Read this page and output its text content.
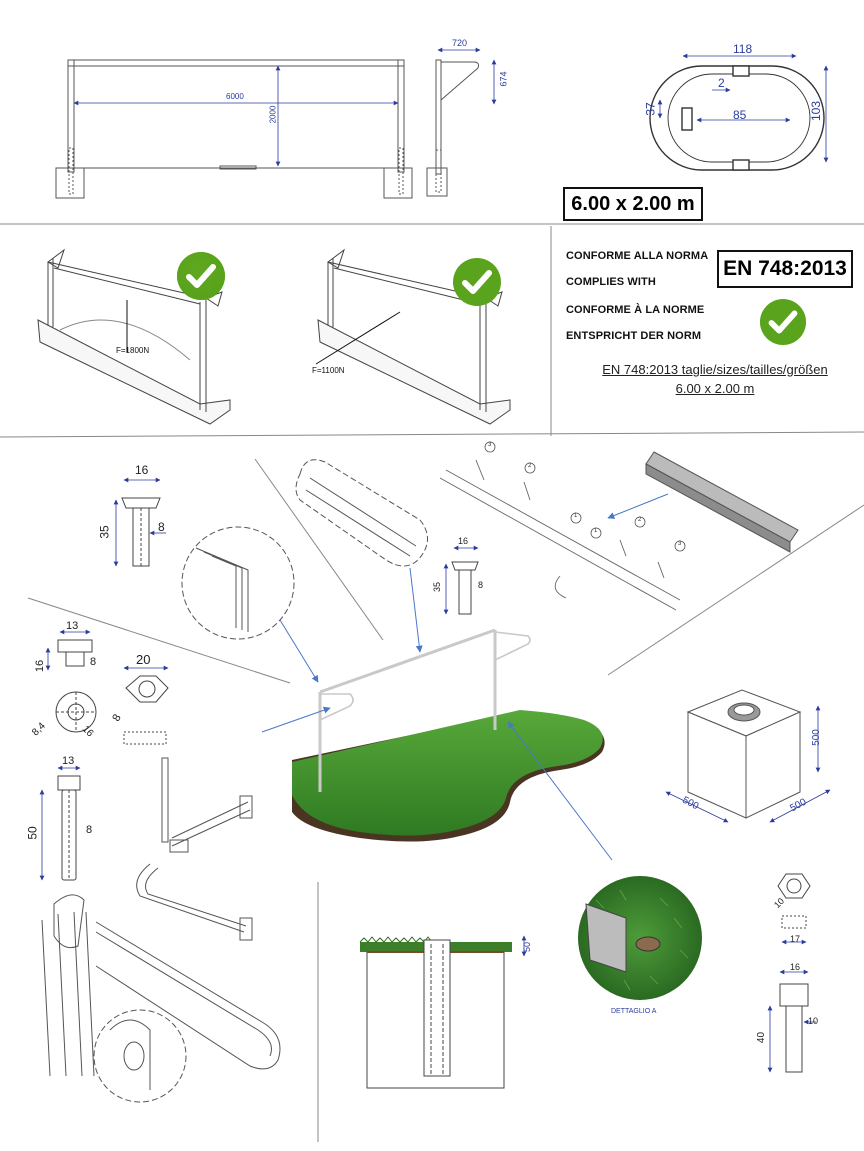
6000
2000
720
674
118
85	103
37
2
6.00 x 2.00 m
F=1800N
F=1100N
CONFORME ALLA NORMA
COMPLIES WITH
CONFORME À LA NORME
ENTSPRICHT DER NORM
EN 748:2013
EN 748:2013 taglie/sizes/tailles/größen
6.00 x 2.00 m
16
35	8
16
35	8
13
16	8
8,4	16
20
8
13
50	8
500
500	500
50
DETTAGLIO A
10
17
16
40
10
3
2
1
1
2
3
